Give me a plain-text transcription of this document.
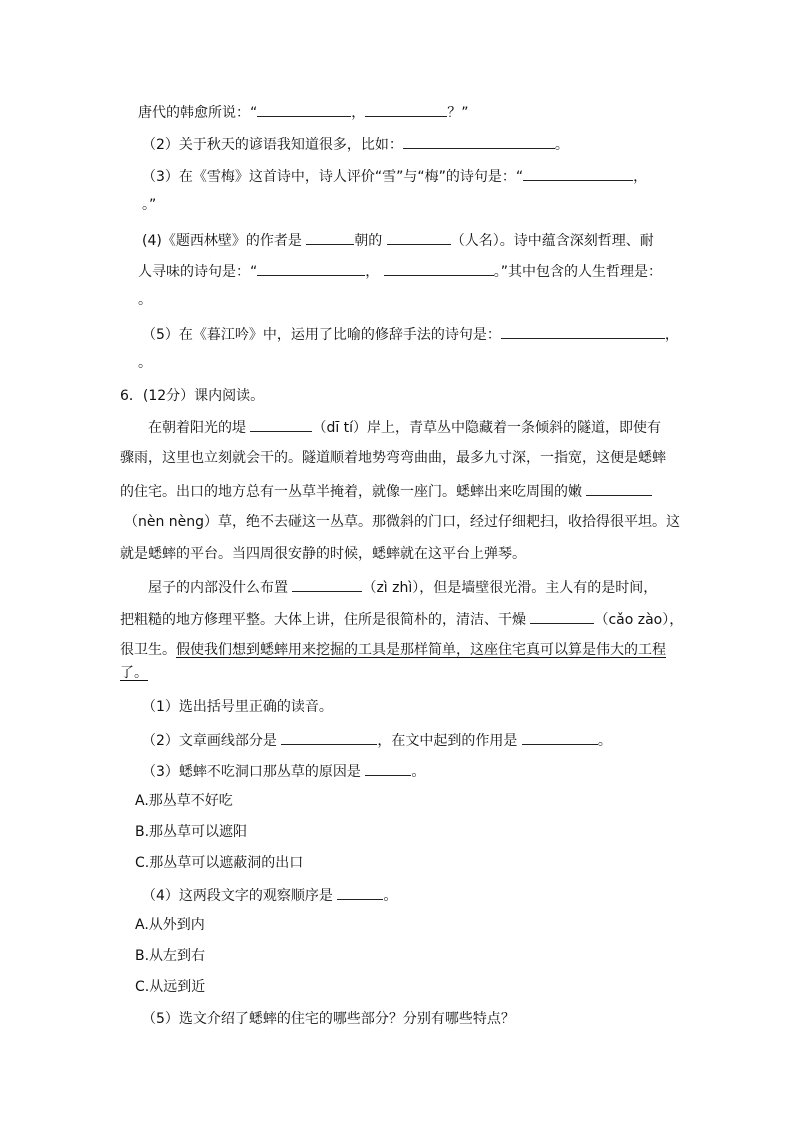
唐代的韩愈所说：“	，	？”
（2）关于秋天的谚语我知道很多，比如：	。
（3）在《雪梅》这首诗中，诗人评价“雪”与“梅”的诗句是：“	，
。”
(4)《题西林壁》的作者是	朝的	（人名）。诗中蕴含深刻哲理、耐
人寻味的诗句是：“	，	。”其中包含的人生哲理是：
。
（5）在《暮江吟》中，运用了比喻的修辞手法的诗句是：	，
。
6．(12分）课内阅读。
在朝着阳光的堤	（dī tí）岸上，青草丛中隐藏着一条倾斜的隧道，即使有
骤雨，这里也立刻就会干的。隧道顺着地势弯弯曲曲，最多九寸深，一指宽，这便是蟋蟀
的住宅。出口的地方总有一丛草半掩着，就像一座门。蟋蟀出来吃周围的嫩
（nèn nèng）草，绝不去碰这一丛草。那微斜的门口，经过仔细耙扫，收拾得很平坦。这
就是蟋蟀的平台。当四周很安静的时候，蟋蟀就在这平台上弹琴。
屋子的内部没什么布置	（zì zhì），但是墙壁很光滑。主人有的是时间，
把粗糙的地方修理平整。大体上讲，住所是很简朴的，清洁、干燥	（cǎo zào），
很卫生。假使我们想到蟋蟀用来挖掘的工具是那样简单，这座住宅真可以算是伟大的工程
了。
（1）选出括号里正确的读音。
（2）文章画线部分是	，在文中起到的作用是	。
（3）蟋蟀不吃洞口那丛草的原因是	。
A.那丛草不好吃
B.那丛草可以遮阳
C.那丛草可以遮蔽洞的出口
（4）这两段文字的观察顺序是	。
A.从外到内
B.从左到右
C.从远到近
（5）选文介绍了蟋蟀的住宅的哪些部分？分别有哪些特点？
